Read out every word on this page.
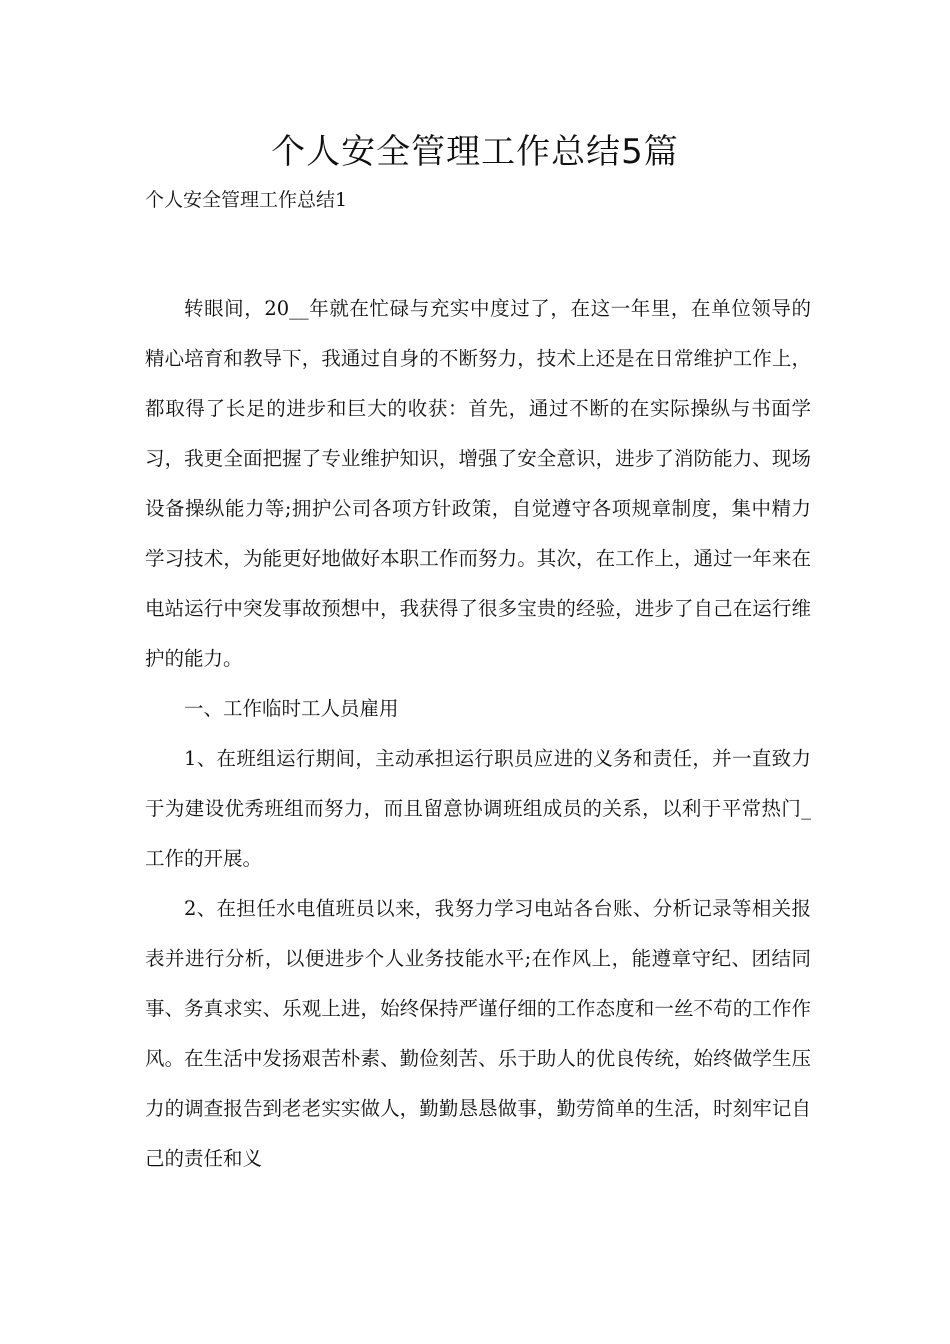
个人安全管理工作总结5篇
个人安全管理工作总结1

转眼间，20__年就在忙碌与充实中度过了，在这一年里，在单位领导的精心培育和教导下，我通过自身的不断努力，技术上还是在日常维护工作上，都取得了长足的进步和巨大的收获：首先，通过不断的在实际操纵与书面学习，我更全面把握了专业维护知识，增强了安全意识，进步了消防能力、现场设备操纵能力等;拥护公司各项方针政策，自觉遵守各项规章制度，集中精力学习技术，为能更好地做好本职工作而努力。其次，在工作上，通过一年来在电站运行中突发事故预想中，我获得了很多宝贵的经验，进步了自己在运行维护的能力。

一、工作临时工人员雇用

1、在班组运行期间，主动承担运行职员应进的义务和责任，并一直致力于为建设优秀班组而努力，而且留意协调班组成员的关系，以利于平常热门_工作的开展。

2、在担任水电值班员以来，我努力学习电站各台账、分析记录等相关报表并进行分析，以便进步个人业务技能水平;在作风上，能遵章守纪、团结同事、务真求实、乐观上进，始终保持严谨仔细的工作态度和一丝不苟的工作作风。在生活中发扬艰苦朴素、勤俭刻苦、乐于助人的优良传统，始终做学生压力的调查报告到老老实实做人，勤勤恳恳做事，勤劳简单的生活，时刻牢记自己的责任和义
